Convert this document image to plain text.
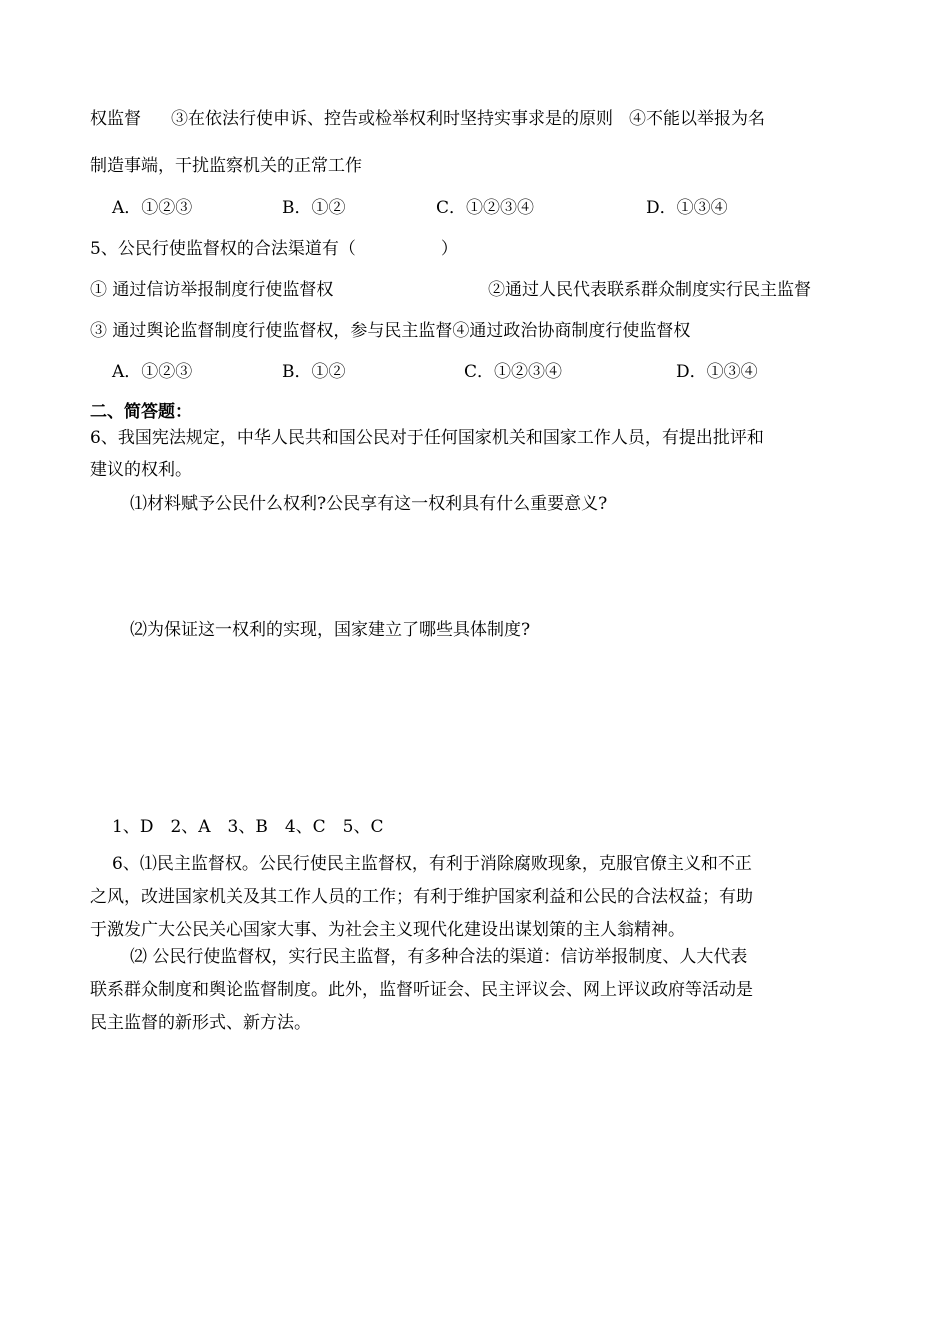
权监督 ③在依法行使申诉、控告或检举权利时坚持实事求是的原则 ④不能以举报为名
制造事端，干扰监察机关的正常工作
A．①②③	B．①②	C．①②③④	D．①③④
5、公民行使监督权的合法渠道有（　　　　　）
① 通过信访举报制度行使监督权	②通过人民代表联系群众制度实行民主监督
③ 通过舆论监督制度行使监督权，参与民主监督④通过政治协商制度行使监督权
A．①②③	B．①②	C．①②③④	D．①③④
二、简答题：
6、我国宪法规定，中华人民共和国公民对于任何国家机关和国家工作人员，有提出批评和
建议的权利。
⑴材料赋予公民什么权利?公民享有这一权利具有什么重要意义?
⑵为保证这一权利的实现，国家建立了哪些具体制度?
1、D　2、A　3、B　4、C　5、C
6、⑴民主监督权。公民行使民主监督权，有利于消除腐败现象，克服官僚主义和不正
之风，改进国家机关及其工作人员的工作；有利于维护国家利益和公民的合法权益；有助
于激发广大公民关心国家大事、为社会主义现代化建设出谋划策的主人翁精神。
⑵ 公民行使监督权，实行民主监督，有多种合法的渠道：信访举报制度、人大代表
联系群众制度和舆论监督制度。此外，监督听证会、民主评议会、网上评议政府等活动是
民主监督的新形式、新方法。
